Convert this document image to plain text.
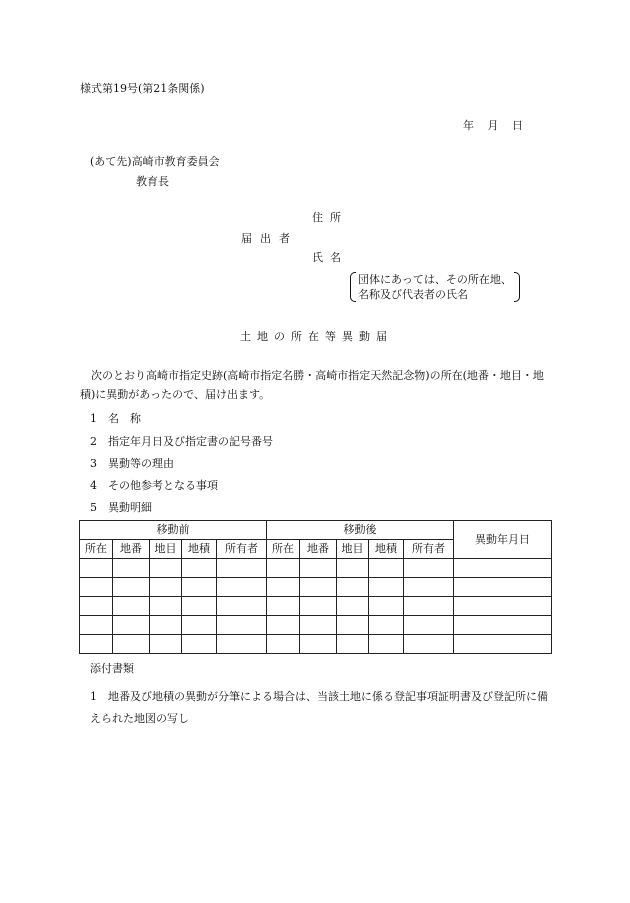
様式第19号(第21条関係)
年 月 日
(あて先)高崎市教育委員会
教育長
住所
届出者
氏名
団体にあっては、その所在地、
名称及び代表者の氏名
土地の所在等異動届
次のとおり高崎市指定史跡(高崎市指定名勝・高崎市指定天然記念物)の所在(地番・地目・地積)に異動があったので、届け出ます。
1 名　称
2 指定年月日及び指定書の記号番号
3 異動等の理由
4 その他参考となる事項
5 異動明細
移動前					移動後					異動年月日
所在	地番	地目	地積	所有者	所在	地番	地目	地積	所有者	

添付書類
1 地番及び地積の異動が分筆による場合は、当該土地に係る登記事項証明書及び登記所に備えられた地図の写し
